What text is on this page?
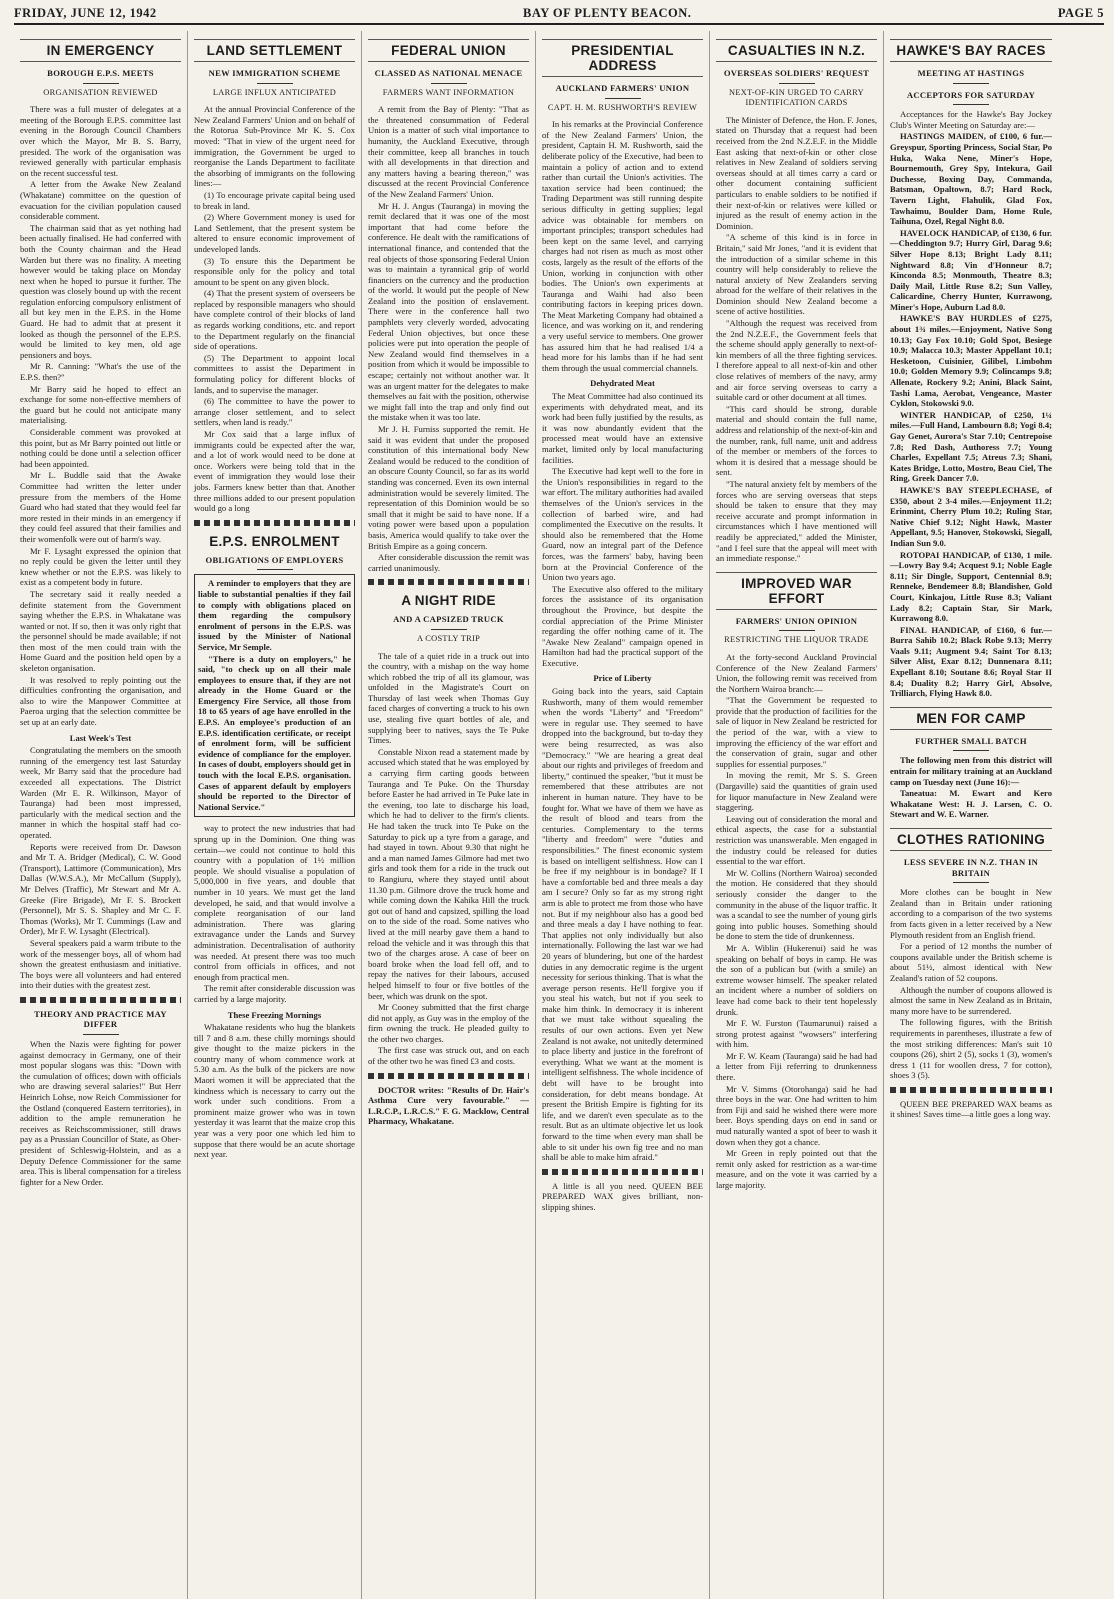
FRIDAY, JUNE 12, 1942	BAY OF PLENTY BEACON.	PAGE 5
IN EMERGENCY
BOROUGH E.P.S. MEETS
ORGANISATION REVIEWED

There was a full muster of delegates at a meeting of the Borough E.P.S. committee last evening in the Borough Council Chambers over which the Mayor, Mr B. S. Barry, presided. The work of the organisation was reviewed generally with particular emphasis on the recent successful test.

A letter from the Awake New Zealand (Whakatane) committee on the question of evacuation for the civilian population caused considerable comment.

The chairman said that as yet nothing had been actually finalised. He had conferred with both the County chairman and the Head Warden but there was no finality. A meeting however would be taking place on Monday next when he hoped to pursue it further. The question was closely bound up with the recent regulation enforcing compulsory enlistment of all but key men in the E.P.S. in the Home Guard. He had to admit that at present it looked as though the personnel of the E.P.S. would be limited to key men, old age pensioners and boys.

Mr R. Canning: "What's the use of the E.P.S. then?"

Mr Barry said he hoped to effect an exchange for some non-effective members of the guard but he could not anticipate many materialising.

Considerable comment was provoked at this point, but as Mr Barry pointed out little or nothing could be done until a selection officer had been appointed.

Mr L. Buddle said that the Awake Committee had written the letter under pressure from the members of the Home Guard who had stated that they would feel far more rested in their minds in an emergency if they could feel assured that their families and their womenfolk were out of harm's way.

Mr F. Lysaght expressed the opinion that no reply could be given the letter until they knew whether or not the E.P.S. was likely to exist as a competent body in future.

The secretary said it really needed a definite statement from the Government saying whether the E.P.S. in Whakatane was wanted or not. If so, then it was only right that the personnel should be made available; if not then most of the men could train with the Home Guard and the position held open by a skeleton organisation.

It was resolved to reply pointing out the difficulties confronting the organisation, and also to wire the Manpower Committee at Paeroa urging that the selection committee be set up at an early date.

Last Week's Test

Congratulating the members on the smooth running of the emergency test last Saturday week, Mr Barry said that the procedure had exceeded all expectations. The District Warden (Mr E. R. Wilkinson, Mayor of Tauranga) had been most impressed, particularly with the medical section and the manner in which the hospital staff had co-operated.

Reports were received from Dr. Dawson and Mr T. A. Bridger (Medical), C. W. Good (Transport), Lattimore (Communication), Mrs Dallas (W.W.S.A.), Mr McCallum (Supply), Mr Delves (Traffic), Mr Stewart and Mr A. Greeke (Fire Brigade), Mr F. S. Brockett (Personnel), Mr S. S. Shapley and Mr C. F. Thomas (Works), Mr T. Cummings (Law and Order), Mr F. W. Lysaght (Electrical).

Several speakers paid a warm tribute to the work of the messenger boys, all of whom had shown the greatest enthusiasm and initiative. The boys were all volunteers and had entered into their duties with the greatest zest.

THEORY AND PRACTICE MAY DIFFER

When the Nazis were fighting for power against democracy in Germany, one of their most popular slogans was this: "Down with the cumulation of offices; down with officials who are drawing several salaries!" But Herr Heinrich Lohse, now Reich Commissioner for the Ostland (conquered Eastern territories), in addition to the ample remuneration he receives as Reichscommissioner, still draws pay as a Prussian Councillor of State, as Ober-president of Schleswig-Holstein, and as a Deputy Defence Commissioner for the same area. This is liberal compensation for a tireless fighter for a New Order.

LAND SETTLEMENT
NEW IMMIGRATION SCHEME
LARGE INFLUX ANTICIPATED

At the annual Provincial Conference of the New Zealand Farmers' Union and on behalf of the Rotorua Sub-Province Mr K. S. Cox moved: "That in view of the urgent need for immigration, the Government be urged to reorganise the Lands Department to facilitate the absorbing of immigrants on the following lines:—

(1) To encourage private capital being used to break in land.

(2) Where Government money is used for Land Settlement, that the present system be altered to ensure economic improvement of undeveloped lands.

(3) To ensure this the Department be responsible only for the policy and total amount to be spent on any given block.

(4) That the present system of overseers be replaced by responsible managers who should have complete control of their blocks of land as regards working conditions, etc. and report to the Department regularly on the financial side of operations.

(5) The Department to appoint local committees to assist the Department in formulating policy for different blocks of lands, and to supervise the manager.

(6) The committee to have the power to arrange closer settlement, and to select settlers, when land is ready."

Mr Cox said that a large influx of immigrants could be expected after the war, and a lot of work would need to be done at once. Workers were being told that in the event of immigration they would lose their jobs. Farmers knew better than that. Another three millions added to our present population would go a long

E.P.S. ENROLMENT
OBLIGATIONS OF EMPLOYERS

A reminder to employers that they are liable to substantial penalties if they fail to comply with obligations placed on them regarding the compulsory enrolment of persons in the E.P.S. was issued by the Minister of National Service, Mr Semple.

"There is a duty on employers," he said, "to check up on all their male employees to ensure that, if they are not already in the Home Guard or the Emergency Fire Service, all those from 18 to 65 years of age have enrolled in the E.P.S. An employee's production of an E.P.S. identification certificate, or receipt of enrolment form, will be sufficient evidence of compliance for the employer. In cases of doubt, employers should get in touch with the local E.P.S. organisation. Cases of apparent default by employers should be reported to the Director of National Service."

way to protect the new industries that had sprung up in the Dominion. One thing was certain—we could not continue to hold this country with a population of 1½ million people. We should visualise a population of 5,000,000 in five years, and double that number in 10 years. We must get the land developed, he said, and that would involve a complete reorganisation of our land administration. There was glaring extravagance under the Lands and Survey administration. Decentralisation of authority was needed. At present there was too much control from officials in offices, and not enough from practical men.

The remit after considerable discussion was carried by a large majority.

These Freezing Mornings

Whakatane residents who hug the blankets till 7 and 8 a.m. these chilly mornings should give thought to the maize pickers in the country many of whom commence work at 5.30 a.m. As the bulk of the pickers are now Maori women it will be appreciated that the kindness which is necessary to carry out the work under such conditions. From a prominent maize grower who was in town yesterday it was learnt that the maize crop this year was a very poor one which led him to suppose that there would be an acute shortage next year.

FEDERAL UNION
CLASSED AS NATIONAL MENACE
FARMERS WANT INFORMATION

A remit from the Bay of Plenty: "That as the threatened consummation of Federal Union is a matter of such vital importance to humanity, the Auckland Executive, through their committee, keep all branches in touch with all developments in that direction and any matters having a bearing thereon," was discussed at the recent Provincial Conference of the New Zealand Farmers' Union.

Mr H. J. Angus (Tauranga) in moving the remit declared that it was one of the most important that had come before the conference. He dealt with the ramifications of international finance, and contended that the real objects of those sponsoring Federal Union was to maintain a tyrannical grip of world financiers on the currency and the production of the world. It would put the people of New Zealand into the position of enslavement. There were in the conference hall two pamphlets very cleverly worded, advocating Federal Union objectives, but once these policies were put into operation the people of New Zealand would find themselves in a position from which it would be impossible to escape; certainly not without another war. It was an urgent matter for the delegates to make themselves au fait with the position, otherwise we might fall into the trap and only find out the mistake when it was too late.

Mr J. H. Furniss supported the remit. He said it was evident that under the proposed constitution of this international body New Zealand would be reduced to the condition of an obscure County Council, so far as its world standing was concerned. Even its own internal administration would be severely limited. The representation of this Dominion would be so small that it might be said to have none. If a voting power were based upon a population basis, America would qualify to take over the British Empire as a going concern.

After considerable discussion the remit was carried unanimously.

A NIGHT RIDE
AND A CAPSIZED TRUCK
A COSTLY TRIP

The tale of a quiet ride in a truck out into the country, with a mishap on the way home which robbed the trip of all its glamour, was unfolded in the Magistrate's Court on Thursday of last week when Thomas Guy faced charges of converting a truck to his own use, stealing five quart bottles of ale, and supplying beer to natives, says the Te Puke Times.

Constable Nixon read a statement made by accused which stated that he was employed by a carrying firm carting goods between Tauranga and Te Puke. On the Thursday before Easter he had arrived in Te Puke late in the evening, too late to discharge his load, which he had to deliver to the firm's clients. He had taken the truck into Te Puke on the Saturday to pick up a tyre from a garage, and had stayed in town. About 9.30 that night he and a man named James Gilmore had met two girls and took them for a ride in the truck out to Rangiuru, where they stayed until about 11.30 p.m. Gilmore drove the truck home and while coming down the Kahika Hill the truck got out of hand and capsized, spilling the load on to the side of the road. Some natives who lived at the mill nearby gave them a hand to reload the vehicle and it was through this that two of the charges arose. A case of beer on board broke when the load fell off, and to repay the natives for their labours, accused helped himself to four or five bottles of the beer, which was drunk on the spot.

Mr Cooney submitted that the first charge did not apply, as Guy was in the employ of the firm owning the truck. He pleaded guilty to the other two charges.

The first case was struck out, and on each of the other two he was fined £3 and costs.

DOCTOR writes: "Results of Dr. Hair's Asthma Cure very favourable." — L.R.C.P., L.R.C.S." F. G. Macklow, Central Pharmacy, Whakatane.

PRESIDENTIAL ADDRESS
AUCKLAND FARMERS' UNION
CAPT. H. M. RUSHWORTH'S REVIEW

In his remarks at the Provincial Conference of the New Zealand Farmers' Union, the president, Captain H. M. Rushworth, said the deliberate policy of the Executive, had been to maintain a policy of action and to extend rather than curtail the Union's activities. The taxation service had been continued; the Trading Department was still running despite serious difficulty in getting supplies; legal advice was obtainable for members on important principles; transport schedules had been kept on the same level, and carrying charges had not risen as much as most other costs, largely as the result of the efforts of the Union, working in conjunction with other bodies. The Union's own experiments at Tauranga and Waihi had also been contributing factors in keeping prices down. The Meat Marketing Company had obtained a licence, and was working on it, and rendering a very useful service to members. One grower has assured him that he had realised 1/4 a head more for his lambs than if he had sent them through the usual commercial channels.

Dehydrated Meat

The Meat Committee had also continued its experiments with dehydrated meat, and its work had been fully justified by the results, as it was now abundantly evident that the processed meat would have an extensive market, limited only by local manufacturing facilities.

The Executive had kept well to the fore in the Union's responsibilities in regard to the war effort. The military authorities had availed themselves of the Union's services in the collection of barbed wire, and had complimented the Executive on the results. It should also be remembered that the Home Guard, now an integral part of the Defence forces, was the farmers' baby, having been born at the Provincial Conference of the Union two years ago.

The Executive also offered to the military forces the assistance of its organisation throughout the Province, but despite the cordial appreciation of the Prime Minister regarding the offer nothing came of it. The "Awake New Zealand" campaign opened in Hamilton had had the practical support of the Executive.

Price of Liberty

Going back into the years, said Captain Rushworth, many of them would remember when the words "Liberty" and "Freedom" were in regular use. They seemed to have dropped into the background, but to-day they were being resurrected, as was also "Democracy." "We are hearing a great deal about our rights and privileges of freedom and liberty," continued the speaker, "but it must be remembered that these attributes are not inherent in human nature. They have to be fought for. What we have of them we have as the result of blood and tears from the centuries. Complementary to the terms "liberty and freedom" were "duties and responsibilities." The finest economic system is based on intelligent selfishness. How can I be free if my neighbour is in bondage? If I have a comfortable bed and three meals a day am I secure? Only so far as my strong right arm is able to protect me from those who have not. But if my neighbour also has a good bed and three meals a day I have nothing to fear. That applies not only individually but also internationally. Following the last war we had 20 years of blundering, but one of the hardest duties in any democratic regime is the urgent necessity for serious thinking. That is what the average person resents. He'll forgive you if you steal his watch, but not if you seek to make him think. In democracy it is inherent that we must take without squealing the results of our own actions. Even yet New Zealand is not awake, not unitedly determined to place liberty and justice in the forefront of everything. What we want at the moment is intelligent selfishness. The whole incidence of debt will have to be brought into consideration, for debt means bondage. At present the British Empire is fighting for its life, and we daren't even speculate as to the result. But as an ultimate objective let us look forward to the time when every man shall be able to sit under his own fig tree and no man shall be able to make him afraid."

A little is all you need. QUEEN BEE PREPARED WAX gives brilliant, non-slipping shines.

CASUALTIES IN N.Z.
OVERSEAS SOLDIERS' REQUEST
NEXT-OF-KIN URGED TO CARRY IDENTIFICATION CARDS

The Minister of Defence, the Hon. F. Jones, stated on Thursday that a request had been received from the 2nd N.Z.E.F. in the Middle East asking that next-of-kin or other close relatives in New Zealand of soldiers serving overseas should at all times carry a card or other document containing sufficient particulars to enable soldiers to be notified if their next-of-kin or relatives were killed or injured as the result of enemy action in the Dominion.

"A scheme of this kind is in force in Britain," said Mr Jones, "and it is evident that the introduction of a similar scheme in this country will help considerably to relieve the natural anxiety of New Zealanders serving abroad for the welfare of their relatives in the Dominion should New Zealand become a scene of active hostilities.

"Although the request was received from the 2nd N.Z.E.F., the Government feels that the scheme should apply generally to next-of-kin members of all the three fighting services. I therefore appeal to all next-of-kin and other close relatives of members of the navy, army and air force serving overseas to carry a suitable card or other document at all times.

"This card should be strong, durable material and should contain the full name, address and relationship of the next-of-kin and the number, rank, full name, unit and address of the member or members of the forces to whom it is desired that a message should be sent.

"The natural anxiety felt by members of the forces who are serving overseas that steps should be taken to ensure that they may receive accurate and prompt information in circumstances which I have mentioned will readily be appreciated," added the Minister, "and I feel sure that the appeal will meet with an immediate response."

IMPROVED WAR EFFORT
FARMERS' UNION OPINION
RESTRICTING THE LIQUOR TRADE

At the forty-second Auckland Provincial Conference of the New Zealand Farmers' Union, the following remit was received from the Northern Wairoa branch:—

"That the Government be requested to provide that the production of facilities for the sale of liquor in New Zealand be restricted for the period of the war, with a view to improving the efficiency of the war effort and the conservation of grain, sugar and other supplies for essential purposes."

In moving the remit, Mr S. S. Green (Dargaville) said the quantities of grain used for liquor manufacture in New Zealand were staggering.

Leaving out of consideration the moral and ethical aspects, the case for a substantial restriction was unanswerable. Men engaged in the industry could be released for duties essential to the war effort.

Mr W. Collins (Northern Wairoa) seconded the motion. He considered that they should seriously consider the danger to the community in the abuse of the liquor traffic. It was a scandal to see the number of young girls going into public houses. Something should be done to stem the tide of drunkenness.

Mr A. Wiblin (Hukerenui) said he was speaking on behalf of boys in camp. He was the son of a publican but (with a smile) an extreme wowser himself. The speaker related an incident where a number of soldiers on leave had come back to their tent hopelessly drunk.

Mr F. W. Furston (Taumarunui) raised a strong protest against "wowsers" interfering with him.

Mr F. W. Keam (Tauranga) said he had had a letter from Fiji referring to drunkenness there.

Mr V. Simms (Otorohanga) said he had three boys in the war. One had written to him from Fiji and said he wished there were more beer. Boys spending days on end in sand or mud naturally wanted a spot of beer to wash it down when they got a chance.

Mr Green in reply pointed out that the remit only asked for restriction as a war-time measure, and on the vote it was carried by a large majority.

HAWKE'S BAY RACES
MEETING AT HASTINGS
ACCEPTORS FOR SATURDAY

Acceptances for the Hawke's Bay Jockey Club's Winter Meeting on Saturday are:—

HASTINGS MAIDEN, of £100, 6 fur.—Greyspur, Sporting Princess, Social Star, Po Huka, Waka Nene, Miner's Hope, Bournemouth, Grey Spy, Intekura, Gail Duchesse, Boxing Day, Commanda, Batsman, Opaltown, 8.7; Hard Rock, Tavern Light, Flahulik, Glad Fox, Tawhaimu, Boulder Dam, Home Rule, Taihuna, Ozel, Regal Night 8.0.

HAVELOCK HANDICAP, of £130, 6 fur.—Cheddington 9.7; Hurry Girl, Darag 9.6; Silver Hope 8.13; Bright Lady 8.11; Nightward 8.8; Vin d'Honneur 8.7; Kinconda 8.5; Monmouth, Theatre 8.3; Daily Mail, Little Ruse 8.2; Sun Valley, Calicardine, Cherry Hunter, Kurrawong, Miner's Hope, Auburn Lad 8.0.

HAWKE'S BAY HURDLES of £275, about 1¾ miles.—Enjoyment, Native Song 10.13; Gay Fox 10.10; Gold Spot, Besiege 10.9; Malacca 10.3; Master Appellant 10.1; Hesketoon, Cuisinier, Gilibel, Limbohm 10.0; Golden Memory 9.9; Colincamps 9.8; Allenate, Rockery 9.2; Anini, Black Saint, Tashi Lama, Aerobat, Vengeance, Master Cyklon, Stokowski 9.0.

WINTER HANDICAP, of £250, 1¼ miles.—Full Hand, Lambourn 8.8; Yogi 8.4; Gay Genet, Aurora's Star 7.10; Centrepoise 7.8; Red Dash, Authoress 7.7; Young Charles, Expellant 7.5; Atreus 7.3; Shani, Kates Bridge, Lotto, Mostro, Beau Ciel, The Ring, Greek Dancer 7.0.

HAWKE'S BAY STEEPLECHASE, of £350, about 2 3-4 miles.—Enjoyment 11.2; Erinmint, Cherry Plum 10.2; Ruling Star, Native Chief 9.12; Night Hawk, Master Appellant, 9.5; Hanover, Stokowski, Siegall, Indian Sun 9.0.

ROTOPAI HANDICAP, of £130, 1 mile.—Lowry Bay 9.4; Acquest 9.1; Noble Eagle 8.11; Sir Dingle, Support, Centennial 8.9; Renneke, Bendemeer 8.8; Blandisher, Gold Court, Kinkajou, Little Ruse 8.3; Valiant Lady 8.2; Captain Star, Sir Mark, Kurrawong 8.0.

FINAL HANDICAP, of £160, 6 fur.—Burra Sahib 10.2; Black Robe 9.13; Merry Vaals 9.11; Augment 9.4; Saint Tor 8.13; Silver Alist, Exar 8.12; Dunnenara 8.11; Expellant 8.10; Soutane 8.6; Royal Star II 8.4; Duality 8.2; Harry Girl, Absolve, Trilliarch, Flying Hawk 8.0.

MEN FOR CAMP
FURTHER SMALL BATCH

The following men from this district will entrain for military training at an Auckland camp on Tuesday next (June 16):—

Taneatua: M. Ewart and Kero Whakatane West: H. J. Larsen, C. O. Stewart and W. E. Warner.

CLOTHES RATIONING
LESS SEVERE IN N.Z. THAN IN BRITAIN

More clothes can be bought in New Zealand than in Britain under rationing according to a comparison of the two systems from facts given in a letter received by a New Plymouth resident from an English friend.

For a period of 12 months the number of coupons available under the British scheme is about 51½, almost identical with New Zealand's ration of 52 coupons.

Although the number of coupons allowed is almost the same in New Zealand as in Britain, many more have to be surrendered.

The following figures, with the British requirements in parentheses, illustrate a few of the most striking differences: Man's suit 10 coupons (26), shirt 2 (5), socks 1 (3), women's dress 1 (11 for woollen dress, 7 for cotton), shoes 3 (5).

QUEEN BEE PREPARED WAX beams as it shines! Saves time—a little goes a long way.
